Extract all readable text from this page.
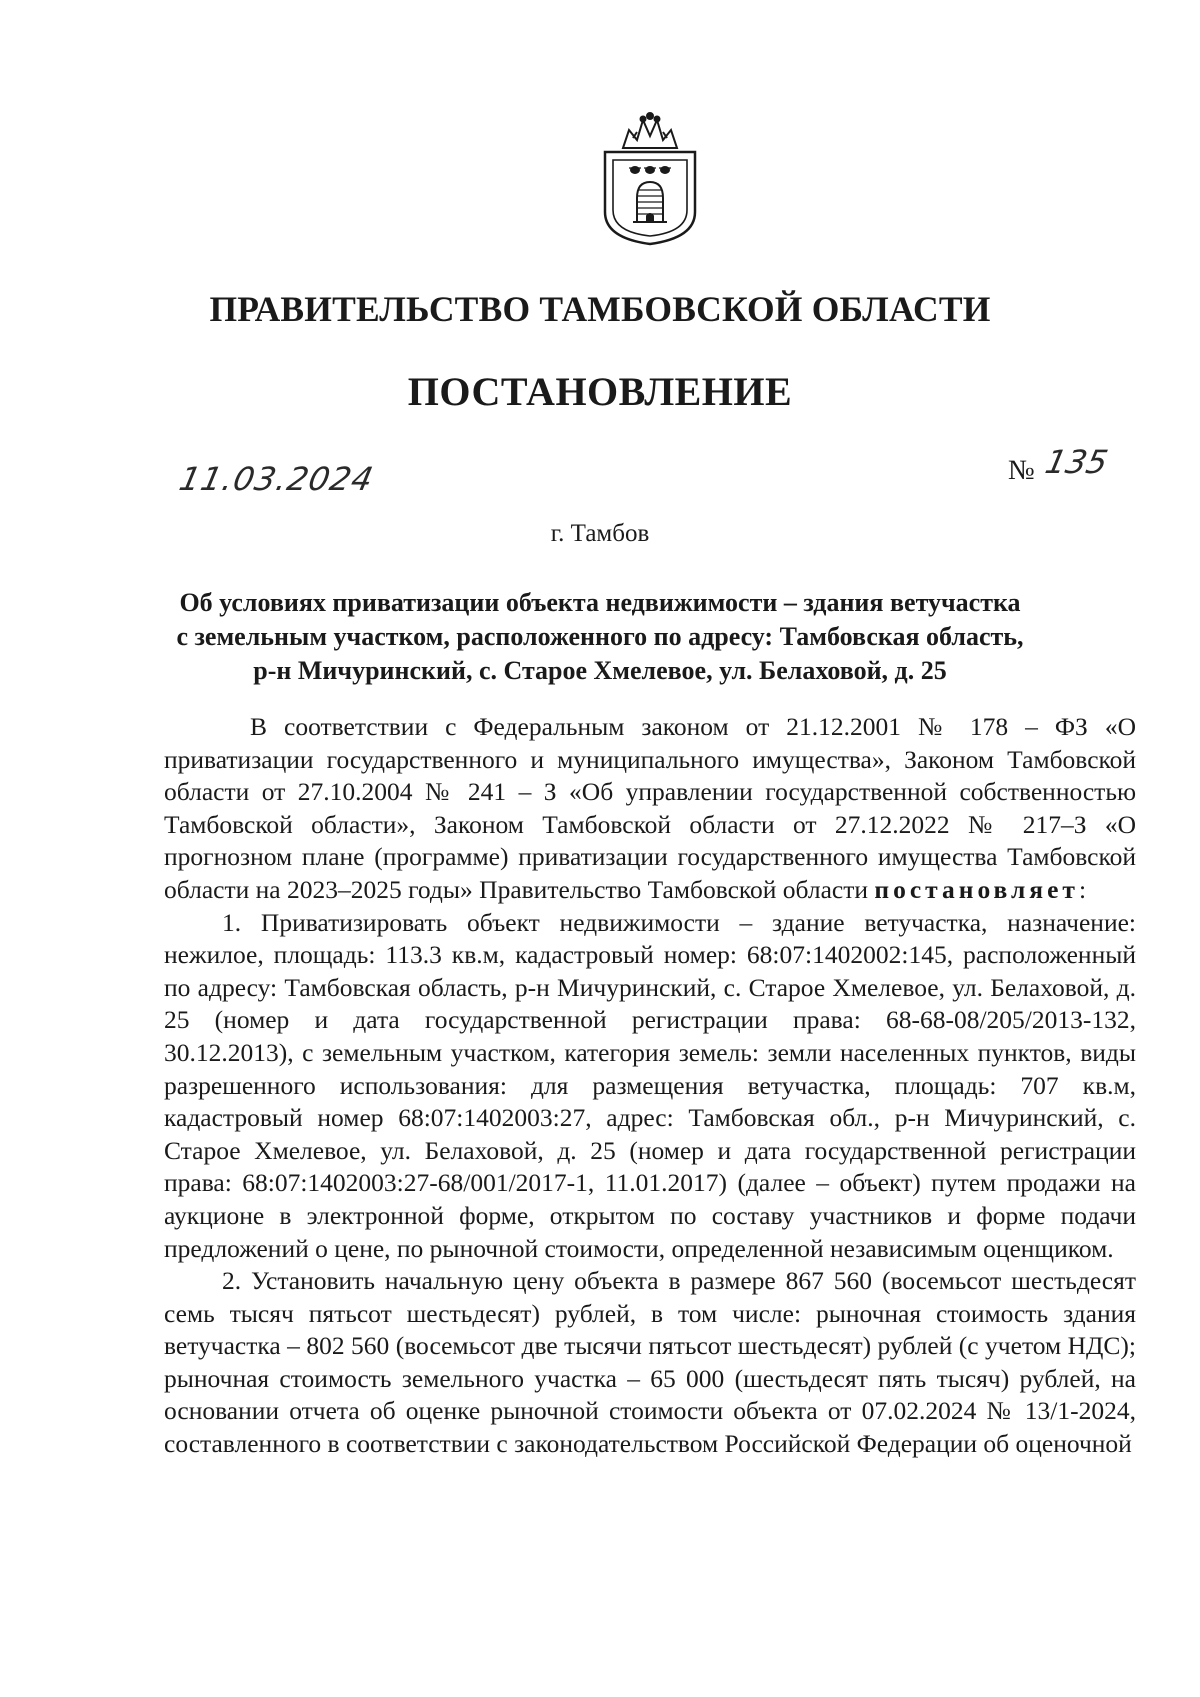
ПРАВИТЕЛЬСТВО ТАМБОВСКОЙ ОБЛАСТИ
ПОСТАНОВЛЕНИЕ
11.03.2024	№ 135
г. Тамбов
Об условиях приватизации объекта недвижимости – здания ветучастка
с земельным участком, расположенного по адресу: Тамбовская область,
р-н Мичуринский, с. Старое Хмелевое, ул. Белаховой, д. 25

В соответствии с Федеральным законом от 21.12.2001 № 178 – ФЗ «О приватизации государственного и муниципального имущества», Законом Тамбовской области от 27.10.2004 № 241 – З «Об управлении государственной собственностью Тамбовской области», Законом Тамбовской области от 27.12.2022 № 217–З «О прогнозном плане (программе) приватизации государственного имущества Тамбовской области на 2023–2025 годы» Правительство Тамбовской области постановляет:

1. Приватизировать объект недвижимости – здание ветучастка, назначение: нежилое, площадь: 113.3 кв.м, кадастровый номер: 68:07:1402002:145, расположенный по адресу: Тамбовская область, р-н Мичуринский, с. Старое Хмелевое, ул. Белаховой, д. 25 (номер и дата государственной регистрации права: 68-68-08/205/2013-132, 30.12.2013), с земельным участком, категория земель: земли населенных пунктов, виды разрешенного использования: для размещения ветучастка, площадь: 707 кв.м, кадастровый номер 68:07:1402003:27, адрес: Тамбовская обл., р-н Мичуринский, с. Старое Хмелевое, ул. Белаховой, д. 25 (номер и дата государственной регистрации права: 68:07:1402003:27-68/001/2017-1, 11.01.2017) (далее – объект) путем продажи на аукционе в электронной форме, открытом по составу участников и форме подачи предложений о цене, по рыночной стоимости, определенной независимым оценщиком.

2. Установить начальную цену объекта в размере 867 560 (восемьсот шестьдесят семь тысяч пятьсот шестьдесят) рублей, в том числе: рыночная стоимость здания ветучастка – 802 560 (восемьсот две тысячи пятьсот шестьдесят) рублей (с учетом НДС); рыночная стоимость земельного участка – 65 000 (шестьдесят пять тысяч) рублей, на основании отчета об оценке рыночной стоимости объекта от 07.02.2024 № 13/1-2024, составленного в соответствии с законодательством Российской Федерации об оценочной
